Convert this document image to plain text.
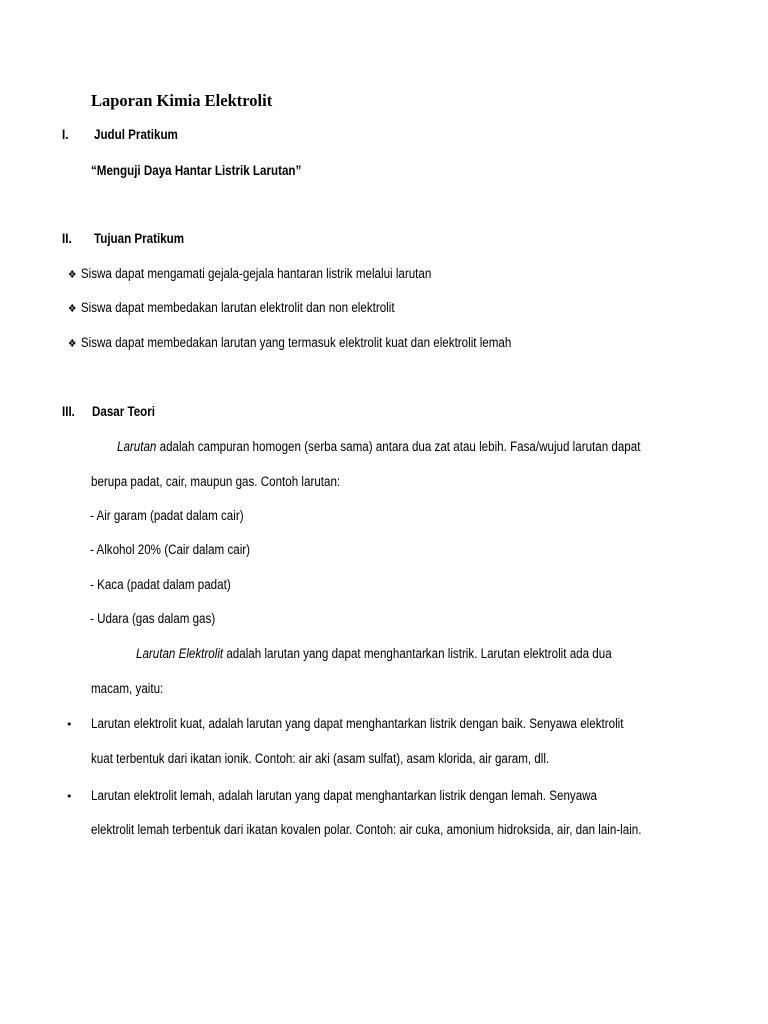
Laporan Kimia Elektrolit
I. Judul Pratikum
“Menguji Daya Hantar Listrik Larutan”
II. Tujuan Pratikum
❖ Siswa dapat mengamati gejala-gejala hantaran listrik melalui larutan
❖ Siswa dapat membedakan larutan elektrolit dan non elektrolit
❖ Siswa dapat membedakan larutan yang termasuk elektrolit kuat dan elektrolit lemah
III. Dasar Teori
Larutan adalah campuran homogen (serba sama) antara dua zat atau lebih. Fasa/wujud larutan dapat
berupa padat, cair, maupun gas. Contoh larutan:
- Air garam (padat dalam cair)
- Alkohol 20% (Cair dalam cair)
- Kaca (padat dalam padat)
- Udara (gas dalam gas)
Larutan Elektrolit adalah larutan yang dapat menghantarkan listrik. Larutan elektrolit ada dua
macam, yaitu:
• Larutan elektrolit kuat, adalah larutan yang dapat menghantarkan listrik dengan baik. Senyawa elektrolit
kuat terbentuk dari ikatan ionik. Contoh: air aki (asam sulfat), asam klorida, air garam, dll.
• Larutan elektrolit lemah, adalah larutan yang dapat menghantarkan listrik dengan lemah. Senyawa
elektrolit lemah terbentuk dari ikatan kovalen polar. Contoh: air cuka, amonium hidroksida, air, dan lain-lain.
